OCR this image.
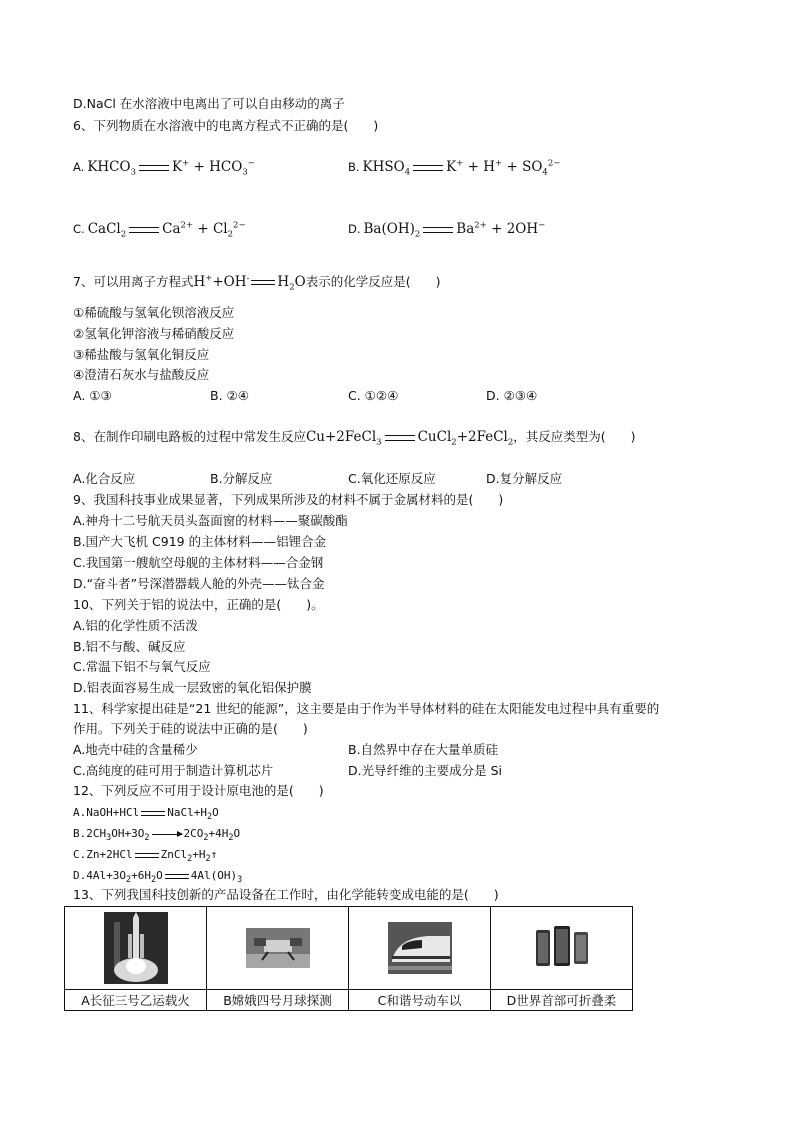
D.NaCl 在水溶液中电离出了可以自由移动的离子
6、下列物质在水溶液中的电离方程式不正确的是(　　)
A. $KHCO_3$	$K^+ + HCO_3^-$	B. $KHSO_4$	$K^+ + H^+ + SO_4^{2-}$
C. CaCl$_2$	$Ca^{2+} + Cl_2^{2-}$	D. $Ba(OH)_2$	$Ba^{2+} + 2OH^-$
7、可以用离子方程式H++OH- $H_2O$表示的化学反应是(　　)
①稀硫酸与氢氧化钡溶液反应
②氢氧化钾溶液与稀硝酸反应
③稀盐酸与氢氧化铜反应
④澄清石灰水与盐酸反应
A. ①③	B. ②④	C. ①②④	D. ②③④
8、在制作印刷电路板的过程中常发生反应Cu+2FeCl$_3$	CuCl$_2$+2FeCl$_2$，其反应类型为(　　)
A.化合反应	B.分解反应	C.氧化还原反应	D.复分解反应
9、我国科技事业成果显著，下列成果所涉及的材料不属于金属材料的是(　　)
A.神舟十二号航天员头盔面窗的材料——聚碳酸酯
B.国产大飞机 C919 的主体材料——铝锂合金
C.我国第一艘航空母舰的主体材料——合金钢
D.“奋斗者”号深潜器载人舱的外壳——钛合金
10、下列关于铝的说法中，正确的是(　　)。
A.铝的化学性质不活泼
B.铝不与酸、碱反应
C.常温下铝不与氧气反应
D.铝表面容易生成一层致密的氧化铝保护膜
11、科学家提出硅是“21 世纪的能源”，这主要是由于作为半导体材料的硅在太阳能发电过程中具有重要的
作用。下列关于硅的说法中正确的是(　　)
A.地壳中硅的含量稀少	B.自然界中存在大量单质硅
C.高纯度的硅可用于制造计算机芯片	D.光导纤维的主要成分是 Si
12、下列反应不可用于设计原电池的是(　　)
A.NaOH+HCl	$NaCl+H_2O$
$B.2CH_3OH+3O_2$	$2CO_2+4H_2O$
C.Zn+2HCl	$ZnCl_2+H_2↑$
$D.4Al+3O_2+6H_2O$	$4Al(OH)_3$
13、下列我国科技创新的产品设备在工作时，由化学能转变成电能的是(　　)

A长征三号乙运载火	B嫦娥四号月球探测	C和谐号动车以	D世界首部可折叠柔
